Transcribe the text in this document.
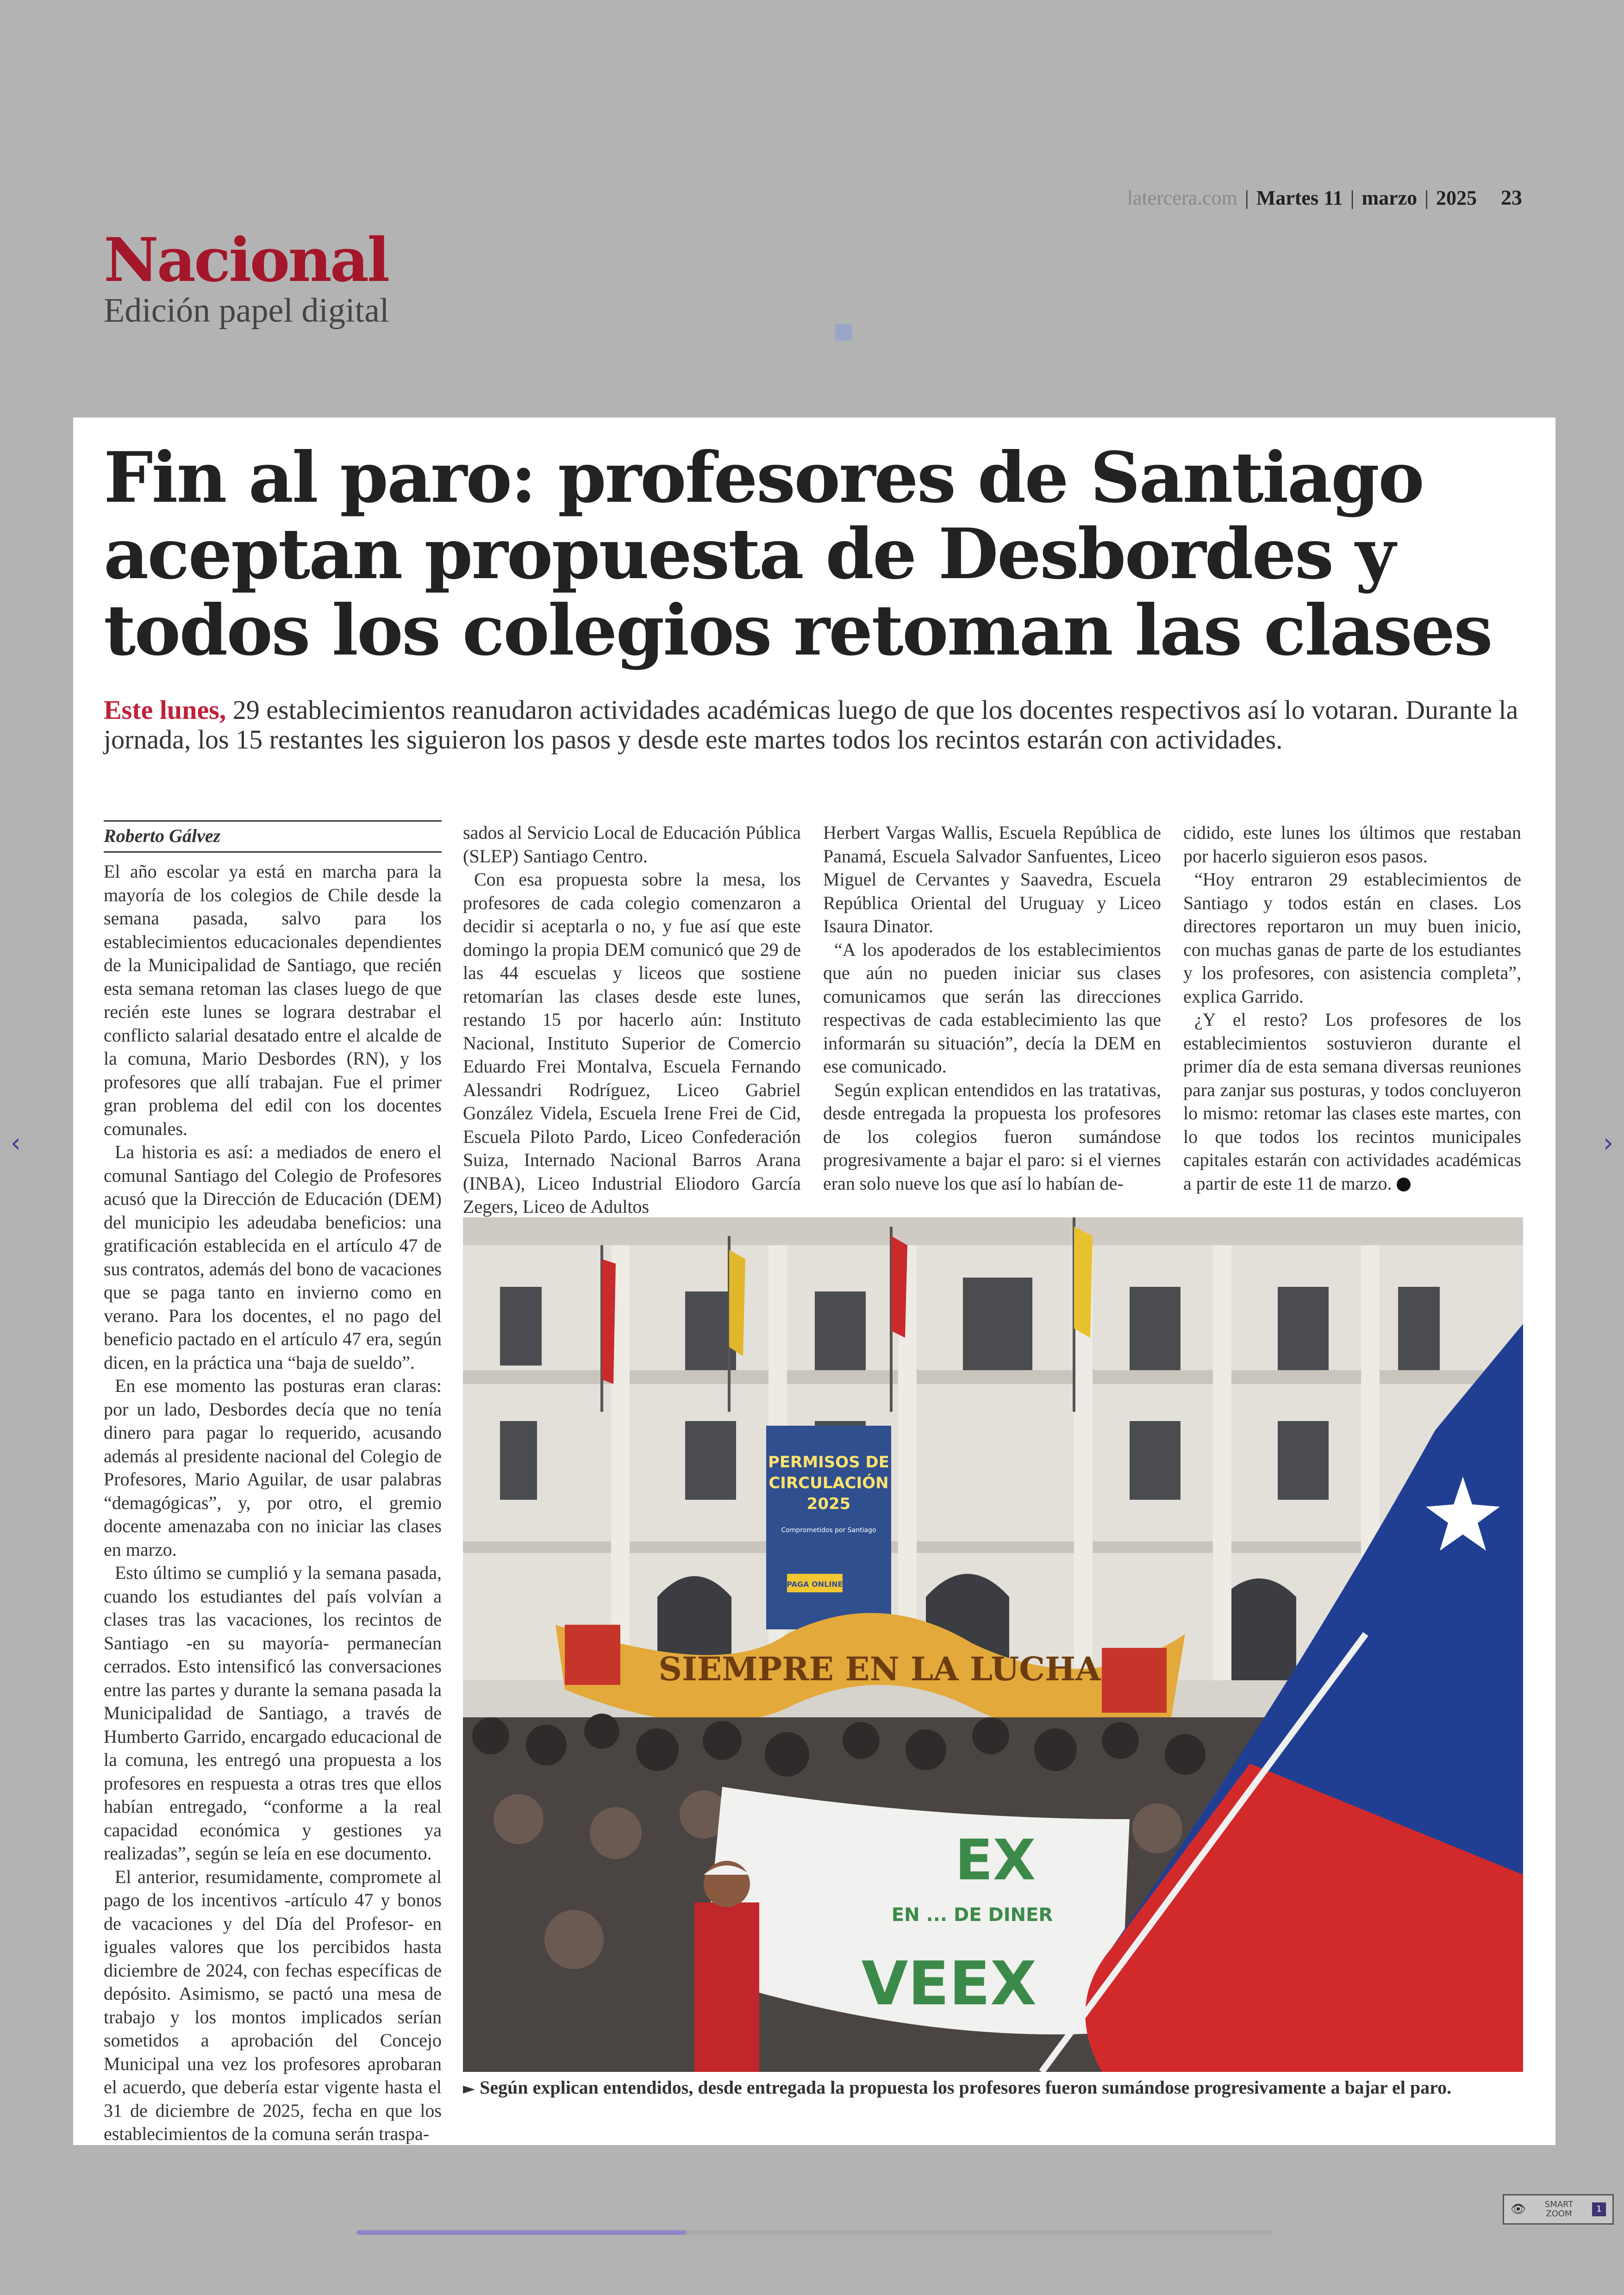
latercera.com | Martes 11 | marzo | 2025 23
Nacional
Edición papel digital
‹	›
Fin al paro: profesores de Santiago aceptan propuesta de Desbordes y todos los colegios retoman las clases
Este lunes, 29 establecimientos reanudaron actividades académicas luego de que los docentes respectivos así lo votaran. Durante la jornada, los 15 restantes les siguieron los pasos y desde este martes todos los recintos estarán con actividades.
Roberto Gálvez

El año escolar ya está en marcha para la mayoría de los colegios de Chile desde la semana pasada, salvo para los establecimientos educacionales dependientes de la Municipalidad de Santiago, que recién esta semana retoman las clases luego de que recién este lunes se lograra destrabar el conflicto salarial desatado entre el alcalde de la comuna, Mario Desbordes (RN), y los profesores que allí trabajan. Fue el primer gran problema del edil con los docentes comunales.

La historia es así: a mediados de enero el comunal Santiago del Colegio de Profesores acusó que la Dirección de Educación (DEM) del municipio les adeudaba beneficios: una gratificación establecida en el artículo 47 de sus contratos, además del bono de vacaciones que se paga tanto en invierno como en verano. Para los docentes, el no pago del beneficio pactado en el artículo 47 era, según dicen, en la práctica una “baja de sueldo”.

En ese momento las posturas eran claras: por un lado, Desbordes decía que no tenía dinero para pagar lo requerido, acusando además al presidente nacional del Colegio de Profesores, Mario Aguilar, de usar palabras “demagógicas”, y, por otro, el gremio docente amenazaba con no iniciar las clases en marzo.

Esto último se cumplió y la semana pasada, cuando los estudiantes del país volvían a clases tras las vacaciones, los recintos de Santiago -en su mayoría- permanecían cerrados. Esto intensificó las conversaciones entre las partes y durante la semana pasada la Municipalidad de Santiago, a través de Humberto Garrido, encargado educacional de la comuna, les entregó una propuesta a los profesores en respuesta a otras tres que ellos habían entregado, “conforme a la real capacidad económica y gestiones ya realizadas”, según se leía en ese documento.

El anterior, resumidamente, compromete al pago de los incentivos -artículo 47 y bonos de vacaciones y del Día del Profesor- en iguales valores que los percibidos hasta diciembre de 2024, con fechas específicas de depósito. Asimismo, se pactó una mesa de trabajo y los montos implicados serían sometidos a aprobación del Concejo Municipal una vez los profesores aprobaran el acuerdo, que debería estar vigente hasta el 31 de diciembre de 2025, fecha en que los establecimientos de la comuna serán traspa-

sados al Servicio Local de Educación Pública (SLEP) Santiago Centro.

Con esa propuesta sobre la mesa, los profesores de cada colegio comenzaron a decidir si aceptarla o no, y fue así que este domingo la propia DEM comunicó que 29 de las 44 escuelas y liceos que sostiene retomarían las clases desde este lunes, restando 15 por hacerlo aún: Instituto Nacional, Instituto Superior de Comercio Eduardo Frei Montalva, Escuela Fernando Alessandri Rodríguez, Liceo Gabriel González Videla, Escuela Irene Frei de Cid, Escuela Piloto Pardo, Liceo Confederación Suiza, Internado Nacional Barros Arana (INBA), Liceo Industrial Eliodoro García Zegers, Liceo de Adultos

Herbert Vargas Wallis, Escuela República de Panamá, Escuela Salvador Sanfuentes, Liceo Miguel de Cervantes y Saavedra, Escuela República Oriental del Uruguay y Liceo Isaura Dinator.

“A los apoderados de los establecimientos que aún no pueden iniciar sus clases comunicamos que serán las direcciones respectivas de cada establecimiento las que informarán su situación”, decía la DEM en ese comunicado.

Según explican entendidos en las tratativas, desde entregada la propuesta los profesores de los colegios fueron sumándose progresivamente a bajar el paro: si el viernes eran solo nueve los que así lo habían de-

cidido, este lunes los últimos que restaban por hacerlo siguieron esos pasos.

“Hoy entraron 29 establecimientos de Santiago y todos están en clases. Los directores reportaron un muy buen inicio, con muchas ganas de parte de los estudiantes y los profesores, con asistencia completa”, explica Garrido.

¿Y el resto? Los profesores de los establecimientos sostuvieron durante el primer día de esta semana diversas reuniones para zanjar sus posturas, y todos concluyeron lo mismo: retomar las clases este martes, con lo que todos los recintos municipales capitales estarán con actividades académicas a partir de este 11 de marzo.

PERMISOS DE
CIRCULACIÓN
2025
Comprometidos por Santiago
PAGA ONLINE
SIEMPRE EN LA LUCHA
EX
EN ... DE DINER
VEEX
► Según explican entendidos, desde entregada la propuesta los profesores fueron sumándose progresivamente a bajar el paro.
👁 SMART
ZOOM	1
